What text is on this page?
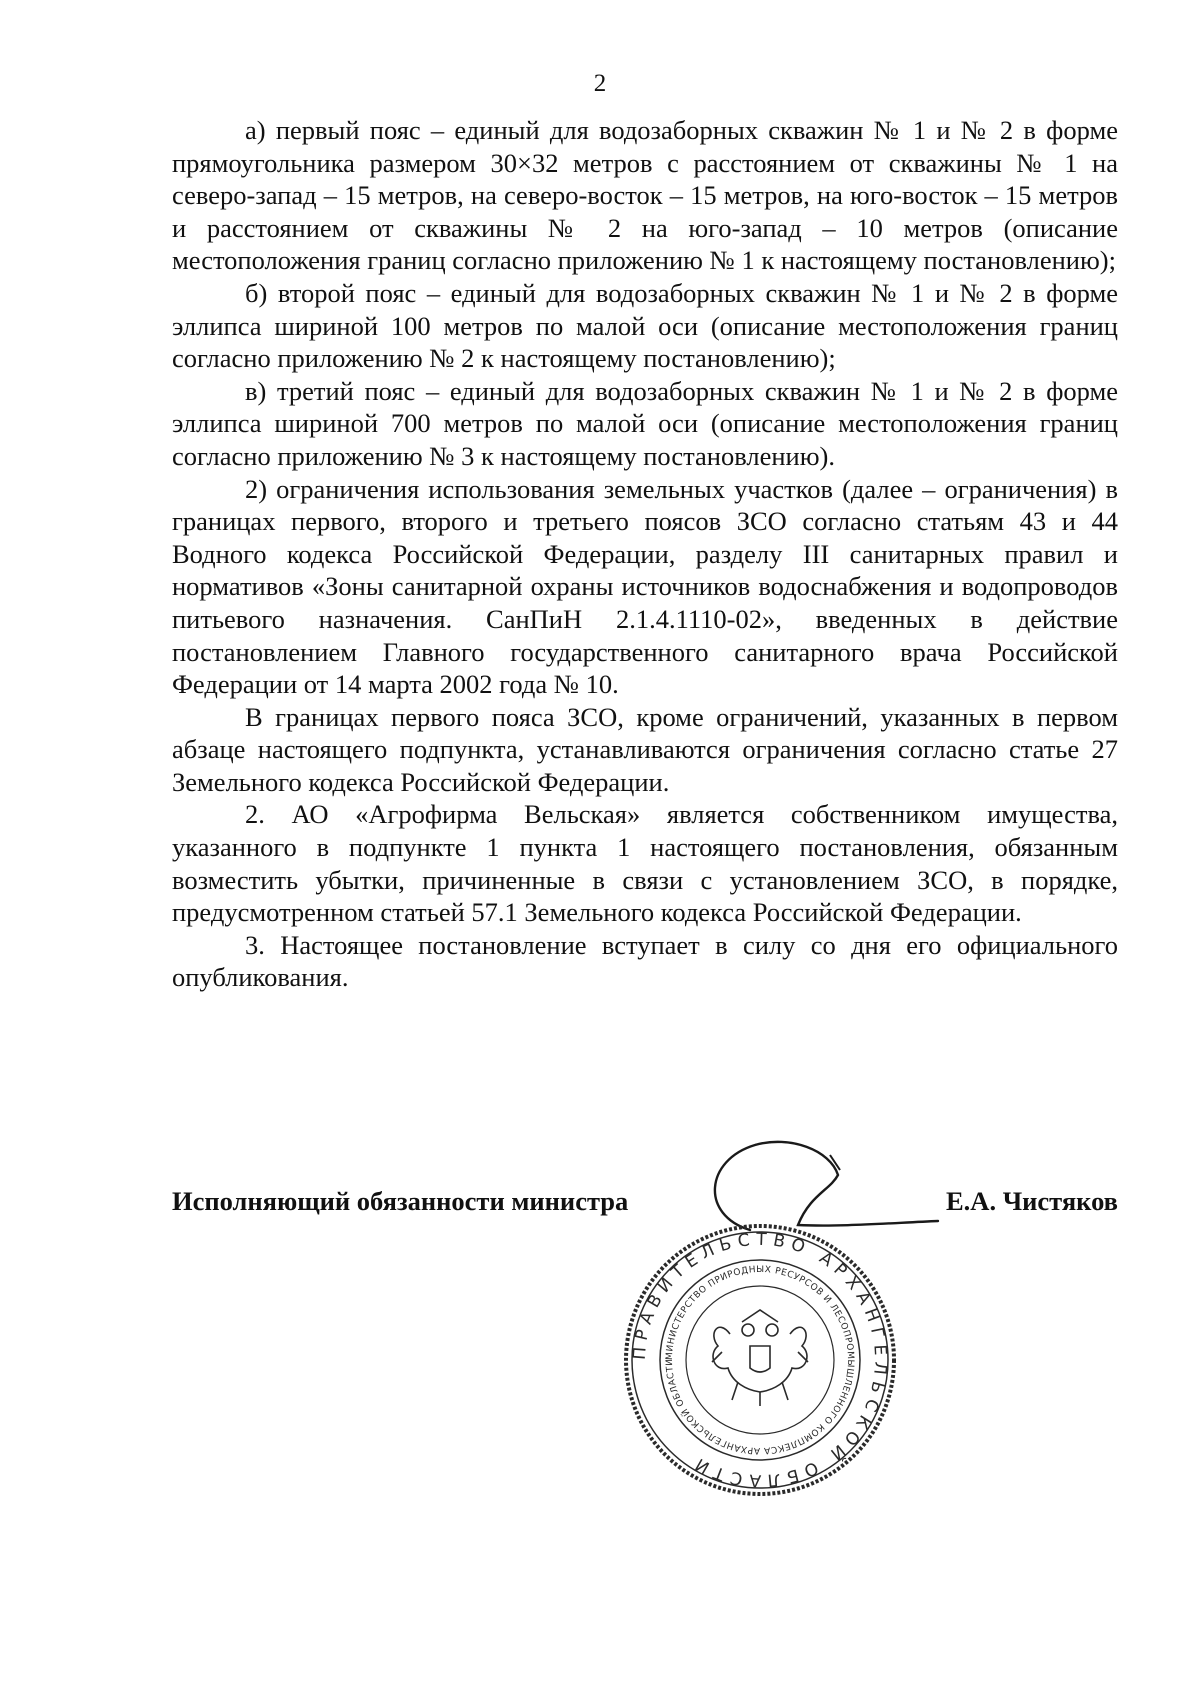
2

а) первый пояс – единый для водозаборных скважин № 1 и № 2 в форме прямоугольника размером 30×32 метров с расстоянием от скважины № 1 на северо-запад – 15 метров, на северо-восток – 15 метров, на юго-восток – 15 метров и расстоянием от скважины № 2 на юго-запад – 10 метров (описание местоположения границ согласно приложению № 1 к настоящему постановлению);

б) второй пояс – единый для водозаборных скважин № 1 и № 2 в форме эллипса шириной 100 метров по малой оси (описание местоположения границ согласно приложению № 2 к настоящему постановлению);

в) третий пояс – единый для водозаборных скважин № 1 и № 2 в форме эллипса шириной 700 метров по малой оси (описание местоположения границ согласно приложению № 3 к настоящему постановлению).

2) ограничения использования земельных участков (далее – ограничения) в границах первого, второго и третьего поясов ЗСО согласно статьям 43 и 44 Водного кодекса Российской Федерации, разделу III санитарных правил и нормативов «Зоны санитарной охраны источников водоснабжения и водопроводов питьевого назначения. СанПиН 2.1.4.1110-02», введенных в действие постановлением Главного государственного санитарного врача Российской Федерации от 14 марта 2002 года № 10.

В границах первого пояса ЗСО, кроме ограничений, указанных в первом абзаце настоящего подпункта, устанавливаются ограничения согласно статье 27 Земельного кодекса Российской Федерации.

2. АО «Агрофирма Вельская» является собственником имущества, указанного в подпункте 1 пункта 1 настоящего постановления, обязанным возместить убытки, причиненные в связи с установлением ЗСО, в порядке, предусмотренном статьей 57.1 Земельного кодекса Российской Федерации.

3. Настоящее постановление вступает в силу со дня его официального опубликования.

Исполняющий обязанности министра	Е.А. Чистяков
ПРАВИТЕЛЬСТВО АРХАНГЕЛЬСКОЙ ОБЛАСТИ
МИНИСТЕРСТВО ПРИРОДНЫХ РЕСУРСОВ И ЛЕСОПРОМЫШЛЕННОГО КОМПЛЕКСА АРХАНГЕЛЬСКОЙ ОБЛАСТИ
